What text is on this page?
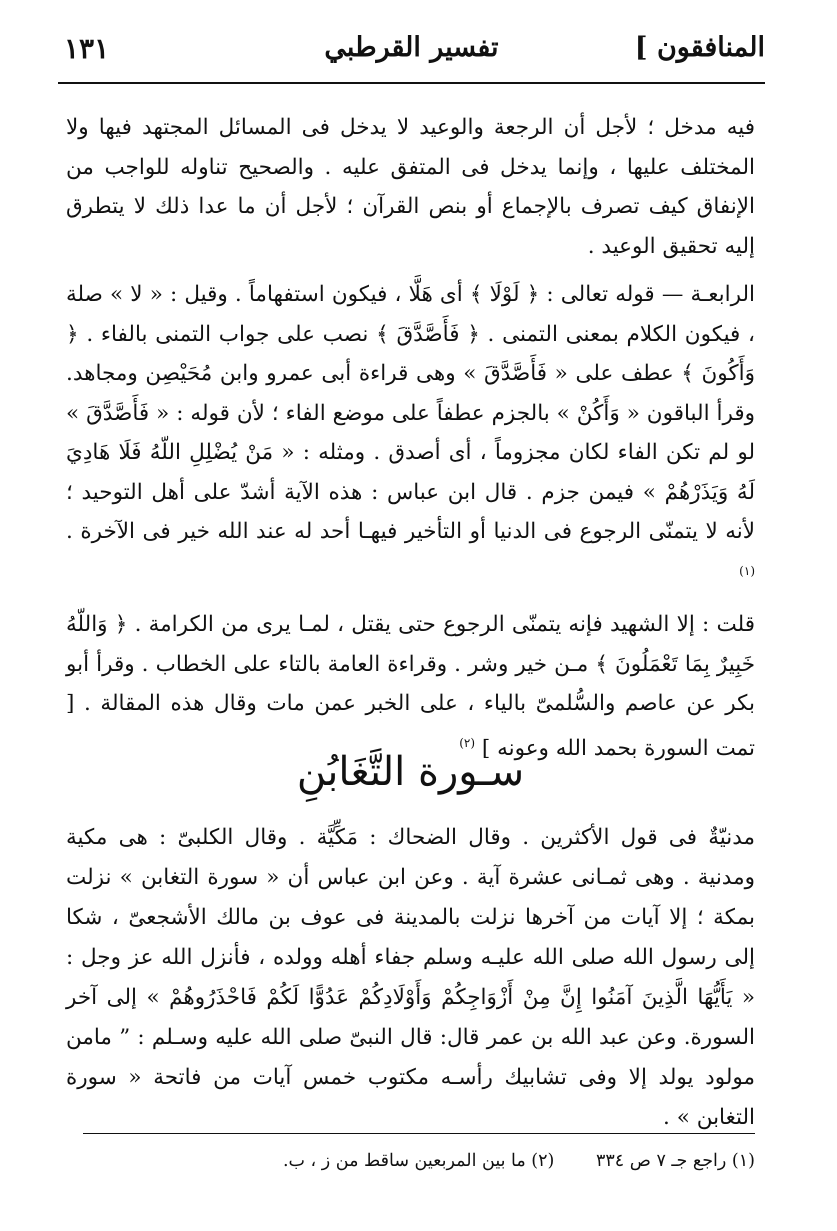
المنافقون ]
تفسير القرطبي
١٣١

فيه مدخل ؛ لأجل أن الرجعة والوعيد لا يدخل فى المسائل المجتهد فيها ولا المختلف عليها ، وإنما يدخل فى المتفق عليه . والصحيح تناوله للواجب من الإنفاق كيف تصرف بالإجماع أو بنص القرآن ؛ لأجل أن ما عدا ذلك لا يتطرق إليه تحقيق الوعيد .

الرابعـة — قوله تعالى : ﴿ لَوْلَا ﴾ أى هَلَّا ، فيكون استفهاماً . وقيل : « لا » صلة ، فيكون الكلام بمعنى التمنى . ﴿ فَأَصَّدَّقَ ﴾ نصب على جواب التمنى بالفاء . ﴿ وَأَكُونَ ﴾ عطف على « فَأَصَّدَّقَ » وهى قراءة أبى عمرو وابن مُحَيْصِن ومجاهد. وقرأ الباقون « وَأَكُنْ » بالجزم عطفاً على موضع الفاء ؛ لأن قوله : « فَأَصَّدَّقَ » لو لم تكن الفاء لكان مجزوماً ، أى أصدق . ومثله : « مَنْ يُضْلِلِ اللّهُ فَلَا هَادِيَ لَهُ وَيَذَرْهُمْ » فيمن جزم . قال ابن عباس : هذه الآية أشدّ على أهل التوحيد ؛ لأنه لا يتمنّى الرجوع فى الدنيا أو التأخير فيهـا أحد له عند الله خير فى الآخرة . $^{(١)}$

قلت : إلا الشهيد فإنه يتمنّى الرجوع حتى يقتل ، لمـا يرى من الكرامة . ﴿ وَاللّهُ خَبِيرٌ بِمَا تَعْمَلُونَ ﴾ مـن خير وشر . وقراءة العامة بالتاء على الخطاب . وقرأ أبو بكر عن عاصم والسُّلمىّ بالياء ، على الخبر عمن مات وقال هذه المقالة . [ تمت السورة بحمد الله وعونه ] $^{(٢)}$

سـورة التَّغَابُنِ

مدنيّةٌ فى قول الأكثرين . وقال الضحاك : مَكِّيَّة . وقال الكلبىّ : هى مكية ومدنية . وهى ثمـانى عشرة آية . وعن ابن عباس أن « سورة التغابن » نزلت بمكة ؛ إلا آيات من آخرها نزلت بالمدينة فى عوف بن مالك الأشجعىّ ، شكا إلى رسول الله صلى الله عليـه وسلم جفاء أهله وولده ، فأنزل الله عز وجل : « يَأَيُّهَا الَّذِينَ آمَنُوا إِنَّ مِنْ أَزْوَاجِكُمْ وَأَوْلَادِكُمْ عَدُوًّا لَكُمْ فَاحْذَرُوهُمْ » إلى آخر السورة. وعن عبد الله بن عمر قال: قال النبىّ صلى الله عليه وسـلم : ” مامن مولود يولد إلا وفى تشابيك رأسـه مكتوب خمس آيات من فاتحة « سورة التغابن » .

(١) راجع جـ ٧ ص ٣٣٤ (٢) ما بين المربعين ساقط من ز ، ب.
